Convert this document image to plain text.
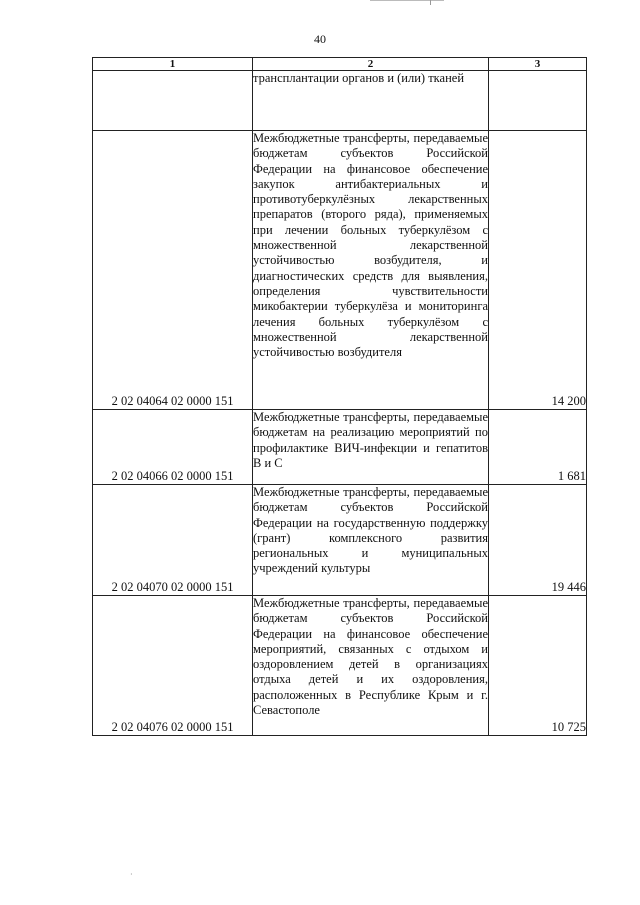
40
1	2	3
	трансплантации органов и (или) тканей	
2 02 04064 02 0000 151	Межбюджетные трансферты, передаваемые бюджетам субъектов Российской Федерации на финансовое обеспечение закупок антибактериальных и противотуберкулёзных лекарственных препаратов (второго ряда), применяемых при лечении больных туберкулёзом с множественной лекарственной устойчивостью возбудителя, и диагностических средств для выявления, определения чувствительности микобактерии туберкулёза и мониторинга лечения больных туберкулёзом с множественной лекарственной устойчивостью возбудителя	14 200
2 02 04066 02 0000 151	Межбюджетные трансферты, передаваемые бюджетам на реализацию мероприятий по профилактике ВИЧ-инфекции и гепатитов В и С	1 681
2 02 04070 02 0000 151	Межбюджетные трансферты, передаваемые бюджетам субъектов Российской Федерации на государственную поддержку (грант) комплексного развития региональных и муниципальных учреждений культуры	19 446
2 02 04076 02 0000 151	Межбюджетные трансферты, передаваемые бюджетам субъектов Российской Федерации на финансовое обеспечение мероприятий, связанных с отдыхом и оздоровлением детей в организациях отдыха детей и их оздоровления, расположенных в Республике Крым и г. Севастополе	10 725
·
